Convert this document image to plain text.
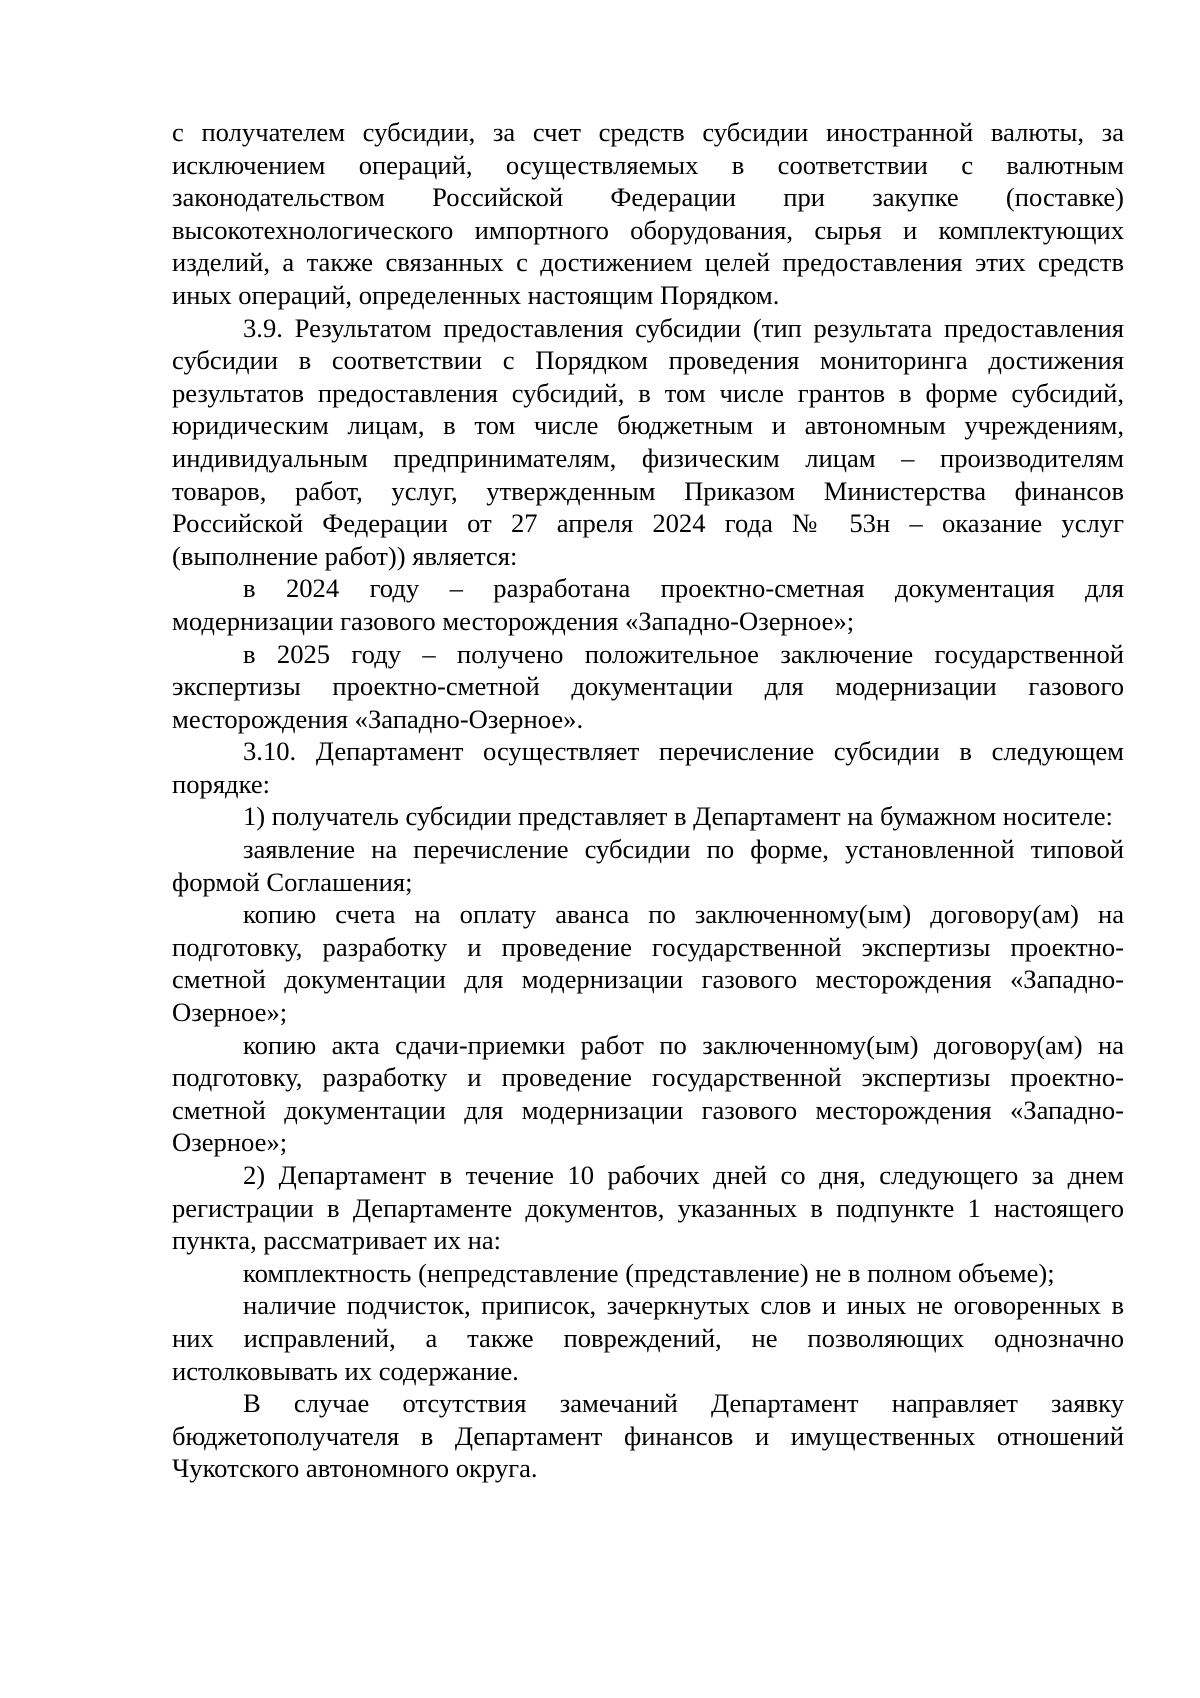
с получателем субсидии, за счет средств субсидии иностранной валюты, за исключением операций, осуществляемых в соответствии с валютным законодательством Российской Федерации при закупке (поставке) высокотехнологического импортного оборудования, сырья и комплектующих изделий, а также связанных с достижением целей предоставления этих средств иных операций, определенных настоящим Порядком.

3.9. Результатом предоставления субсидии (тип результата предоставления субсидии в соответствии с Порядком проведения мониторинга достижения результатов предоставления субсидий, в том числе грантов в форме субсидий, юридическим лицам, в том числе бюджетным и автономным учреждениям, индивидуальным предпринимателям, физическим лицам – производителям товаров, работ, услуг, утвержденным Приказом Министерства финансов Российской Федерации от 27 апреля 2024 года № 53н – оказание услуг (выполнение работ)) является:

в 2024 году – разработана проектно-сметная документация для модернизации газового месторождения «Западно-Озерное»;

в 2025 году – получено положительное заключение государственной экспертизы проектно-сметной документации для модернизации газового месторождения «Западно-Озерное».

3.10. Департамент осуществляет перечисление субсидии в следующем порядке:

1) получатель субсидии представляет в Департамент на бумажном носителе:

заявление на перечисление субсидии по форме, установленной типовой формой Соглашения;

копию счета на оплату аванса по заключенному(ым) договору(ам) на подготовку, разработку и проведение государственной экспертизы проектно-сметной документации для модернизации газового месторождения «Западно-Озерное»;

копию акта сдачи-приемки работ по заключенному(ым) договору(ам) на подготовку, разработку и проведение государственной экспертизы проектно-сметной документации для модернизации газового месторождения «Западно-Озерное»;

2) Департамент в течение 10 рабочих дней со дня, следующего за днем регистрации в Департаменте документов, указанных в подпункте 1 настоящего пункта, рассматривает их на:

комплектность (непредставление (представление) не в полном объеме);

наличие подчисток, приписок, зачеркнутых слов и иных не оговоренных в них исправлений, а также повреждений, не позволяющих однозначно истолковывать их содержание.

В случае отсутствия замечаний Департамент направляет заявку бюджетополучателя в Департамент финансов и имущественных отношений Чукотского автономного округа.
